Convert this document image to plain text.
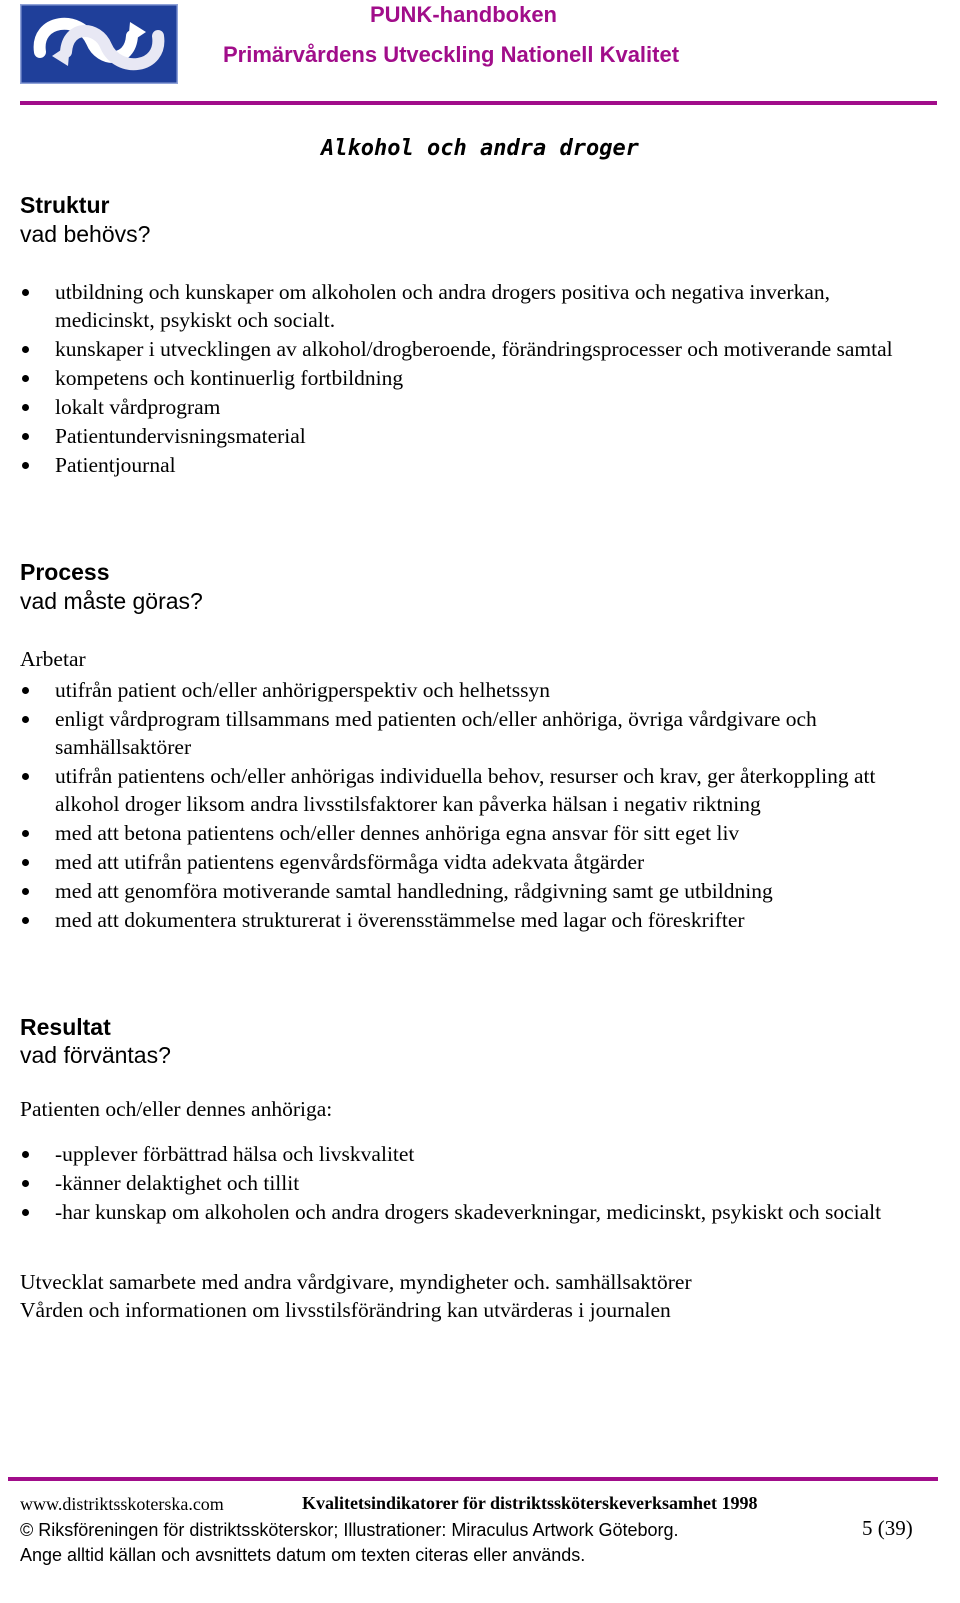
PUNK-handboken
Primärvårdens Utveckling Nationell Kvalitet
Alkohol och andra droger
Struktur
vad behövs?
utbildning och kunskaper om alkoholen och andra drogers positiva och negativa inverkan, medicinskt, psykiskt och socialt.
kunskaper i utvecklingen av alkohol/drogberoende, förändringsprocesser och motiverande samtal
kompetens och kontinuerlig fortbildning
lokalt vårdprogram
Patientundervisningsmaterial
Patientjournal
Process
vad måste göras?
Arbetar
utifrån patient och/eller anhörigperspektiv och helhetssyn
enligt vårdprogram tillsammans med patienten och/eller anhöriga, övriga vårdgivare och samhällsaktörer
utifrån patientens och/eller anhörigas individuella behov, resurser och krav, ger återkoppling att alkohol droger liksom andra livsstilsfaktorer kan påverka hälsan i negativ riktning
med att betona patientens och/eller dennes anhöriga egna ansvar för sitt eget liv
med att utifrån patientens egenvårdsförmåga vidta adekvata åtgärder
med att genomföra motiverande samtal handledning, rådgivning samt ge utbildning
med att dokumentera strukturerat i överensstämmelse med lagar och föreskrifter
Resultat
vad förväntas?
Patienten och/eller dennes anhöriga:
-upplever förbättrad hälsa och livskvalitet
-känner delaktighet och tillit
-har kunskap om alkoholen och andra drogers skadeverkningar, medicinskt, psykiskt och socialt
Utvecklat samarbete med andra vårdgivare, myndigheter och. samhällsaktörer
Vården och informationen om livsstilsförändring kan utvärderas i journalen
www.distriktsskoterska.com	Kvalitetsindikatorer för distriktssköterskeverksamhet 1998
© Riksföreningen för distriktssköterskor; Illustrationer: Miraculus Artwork Göteborg.	5 (39)
Ange alltid källan och avsnittets datum om texten citeras eller används.
